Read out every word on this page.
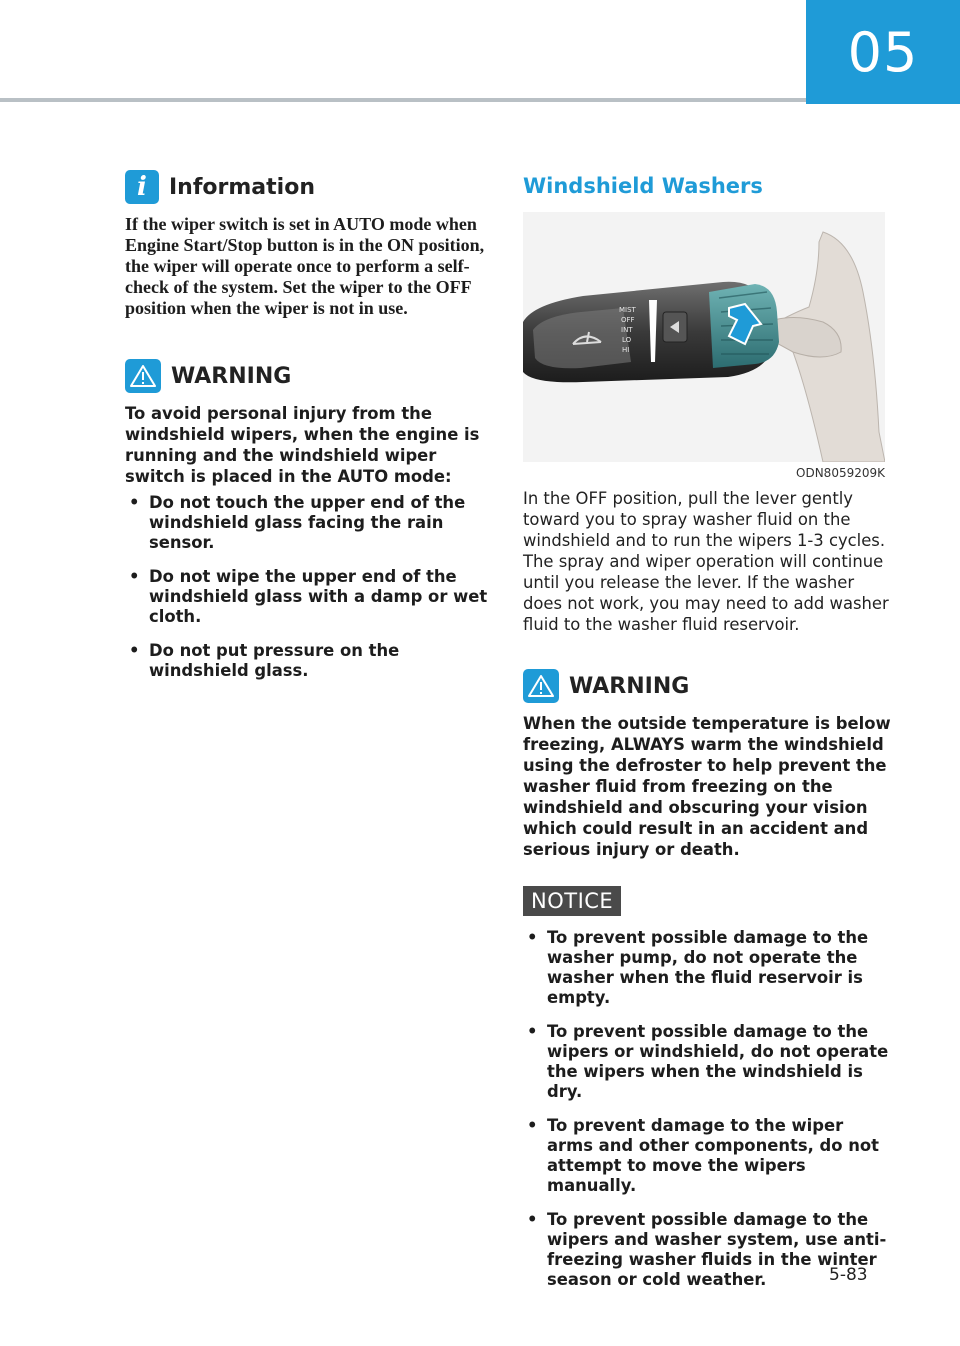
05
i	Information
If the wiper switch is set in AUTO mode when Engine Start/Stop button is in the ON position, the wiper will operate once to perform a self-check of the system. Set the wiper to the OFF position when the wiper is not in use.
WARNING
To avoid personal injury from the windshield wipers, when the engine is running and the windshield wiper switch is placed in the AUTO mode:
• Do not touch the upper end of the windshield glass facing the rain sensor.
• Do not wipe the upper end of the windshield glass with a damp or wet cloth.
• Do not put pressure on the windshield glass.
Windshield Washers
MIST
OFF
INT
LO
HI
ODN8059209K
In the OFF position, pull the lever gently toward you to spray washer fluid on the windshield and to run the wipers 1-3 cycles. The spray and wiper operation will continue until you release the lever. If the washer does not work, you may need to add washer fluid to the washer fluid reservoir.
WARNING
When the outside temperature is below freezing, ALWAYS warm the windshield using the defroster to help prevent the washer fluid from freezing on the windshield and obscuring your vision which could result in an accident and serious injury or death.
NOTICE
• To prevent possible damage to the washer pump, do not operate the washer when the fluid reservoir is empty.
• To prevent possible damage to the wipers or windshield, do not operate the wipers when the windshield is dry.
• To prevent damage to the wiper arms and other components, do not attempt to move the wipers manually.
• To prevent possible damage to the wipers and washer system, use anti-freezing washer fluids in the winter season or cold weather.	5-83
